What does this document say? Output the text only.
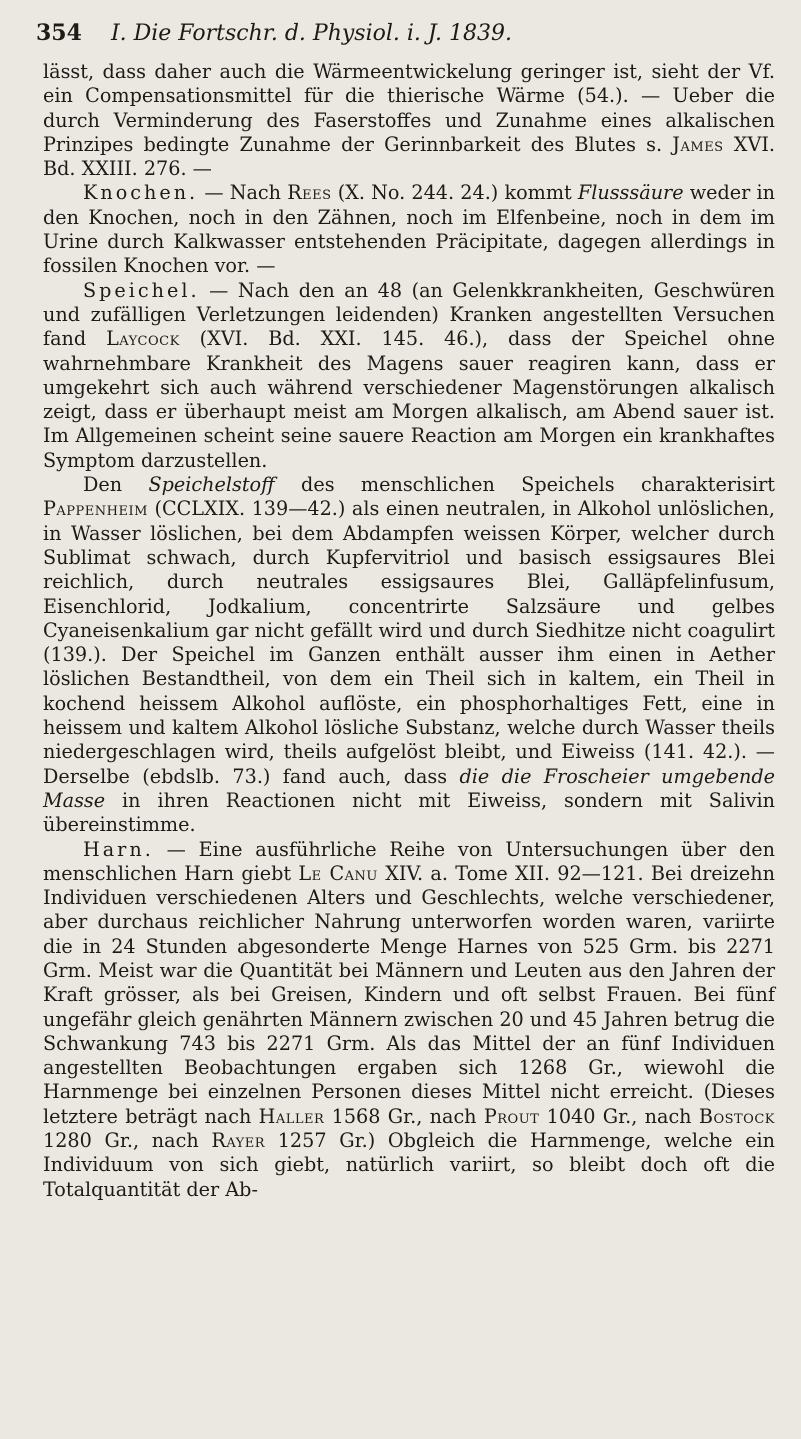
354 I. Die Fortschr. d. Physiol. i. J. 1839.

lässt, dass daher auch die Wärmeentwickelung geringer ist, sieht der Vf. ein Compensationsmittel für die thierische Wärme (54.). — Ueber die durch Verminderung des Faserstoffes und Zunahme eines alkalischen Prinzipes bedingte Zunahme der Gerinnbarkeit des Blutes s. James XVI. Bd. XXIII. 276. —

Knochen. — Nach Rees (X. No. 244. 24.) kommt Flusssäure weder in den Knochen, noch in den Zähnen, noch im Elfenbeine, noch in dem im Urine durch Kalkwasser entstehenden Präcipitate, dagegen allerdings in fossilen Knochen vor. —

Speichel. — Nach den an 48 (an Gelenkkrankheiten, Geschwüren und zufälligen Verletzungen leidenden) Kranken angestellten Versuchen fand Laycock (XVI. Bd. XXI. 145. 46.), dass der Speichel ohne wahrnehmbare Krankheit des Magens sauer reagiren kann, dass er umgekehrt sich auch während verschiedener Magenstörungen alkalisch zeigt, dass er überhaupt meist am Morgen alkalisch, am Abend sauer ist. Im Allgemeinen scheint seine sauere Reaction am Morgen ein krankhaftes Symptom darzustellen.

Den Speichelstoff des menschlichen Speichels charakterisirt Pappenheim (CCLXIX. 139—42.) als einen neutralen, in Alkohol unlöslichen, in Wasser löslichen, bei dem Abdampfen weissen Körper, welcher durch Sublimat schwach, durch Kupfervitriol und basisch essigsaures Blei reichlich, durch neutrales essigsaures Blei, Galläpfelinfusum, Eisenchlorid, Jodkalium, concentrirte Salzsäure und gelbes Cyaneisenkalium gar nicht gefällt wird und durch Siedhitze nicht coagulirt (139.). Der Speichel im Ganzen enthält ausser ihm einen in Aether löslichen Bestandtheil, von dem ein Theil sich in kaltem, ein Theil in kochend heissem Alkohol auflöste, ein phosphorhaltiges Fett, eine in heissem und kaltem Alkohol lösliche Substanz, welche durch Wasser theils niedergeschlagen wird, theils aufgelöst bleibt, und Eiweiss (141. 42.). — Derselbe (ebdslb. 73.) fand auch, dass die die Froscheier umgebende Masse in ihren Reactionen nicht mit Eiweiss, sondern mit Salivin übereinstimme.

Harn. — Eine ausführliche Reihe von Untersuchungen über den menschlichen Harn giebt Le Canu XIV. a. Tome XII. 92—121. Bei dreizehn Individuen verschiedenen Alters und Geschlechts, welche verschiedener, aber durchaus reichlicher Nahrung unterworfen worden waren, variirte die in 24 Stunden abgesonderte Menge Harnes von 525 Grm. bis 2271 Grm. Meist war die Quantität bei Männern und Leuten aus den Jahren der Kraft grösser, als bei Greisen, Kindern und oft selbst Frauen. Bei fünf ungefähr gleich genährten Männern zwischen 20 und 45 Jahren betrug die Schwankung 743 bis 2271 Grm. Als das Mittel der an fünf Individuen angestellten Beobachtungen ergaben sich 1268 Gr., wiewohl die Harnmenge bei einzelnen Personen dieses Mittel nicht erreicht. (Dieses letztere beträgt nach Haller 1568 Gr., nach Prout 1040 Gr., nach Bostock 1280 Gr., nach Rayer 1257 Gr.) Obgleich die Harnmenge, welche ein Individuum von sich giebt, natürlich variirt, so bleibt doch oft die Totalquantität der Ab-
